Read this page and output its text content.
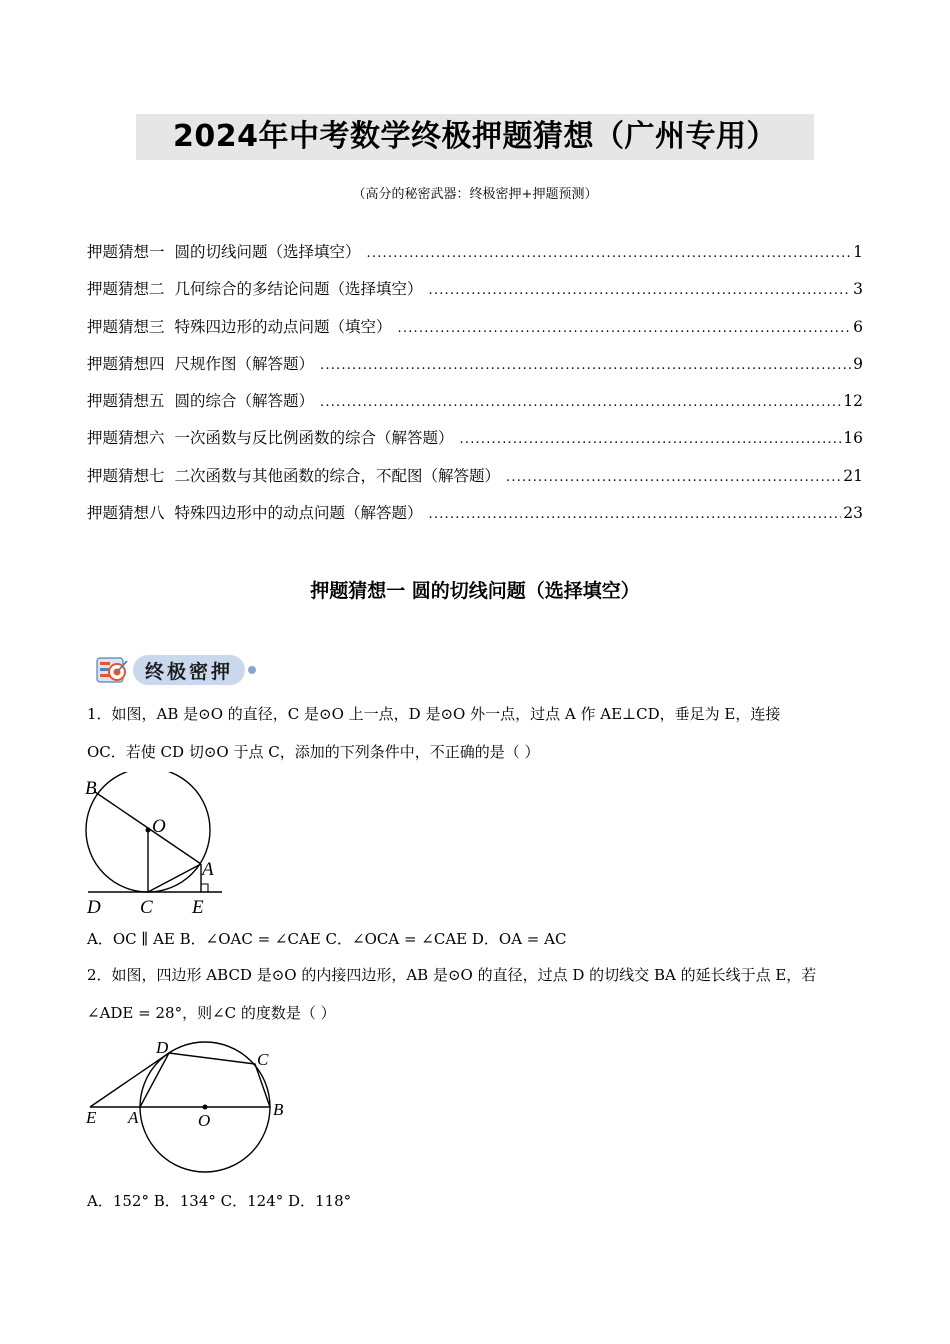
2024年中考数学终极押题猜想（广州专用）
（高分的秘密武器：终极密押+押题预测）
押题猜想一 圆的切线问题（选择填空） .....	1
押题猜想二 几何综合的多结论问题（选择填空） .....	3
押题猜想三 特殊四边形的动点问题（填空） .....	6
押题猜想四 尺规作图（解答题） .....	9
押题猜想五 圆的综合（解答题） .....	12
押题猜想六 一次函数与反比例函数的综合（解答题） .....	16
押题猜想七 二次函数与其他函数的综合，不配图（解答题） .....	21
押题猜想八 特殊四边形中的动点问题（解答题） .....	23
押题猜想一 圆的切线问题（选择填空）
终极密押
1．如图，AB 是⊙O 的直径，C 是⊙O 上一点，D 是⊙O 外一点，过点 A 作 AE⊥CD，垂足为 E，连接
OC．若使 CD 切⊙O 于点 C，添加的下列条件中，不正确的是（ ）
B
O
A
D C E
A．OC ∥ AE B．∠OAC = ∠CAE C．∠OCA = ∠CAE D．OA = AC
2．如图，四边形 ABCD 是⊙O 的内接四边形，AB 是⊙O 的直径，过点 D 的切线交 BA 的延长线于点 E，若
∠ADE = 28°，则∠C 的度数是（ ）
D
C
E A	O
B
A．152° B．134° C．124° D．118°
